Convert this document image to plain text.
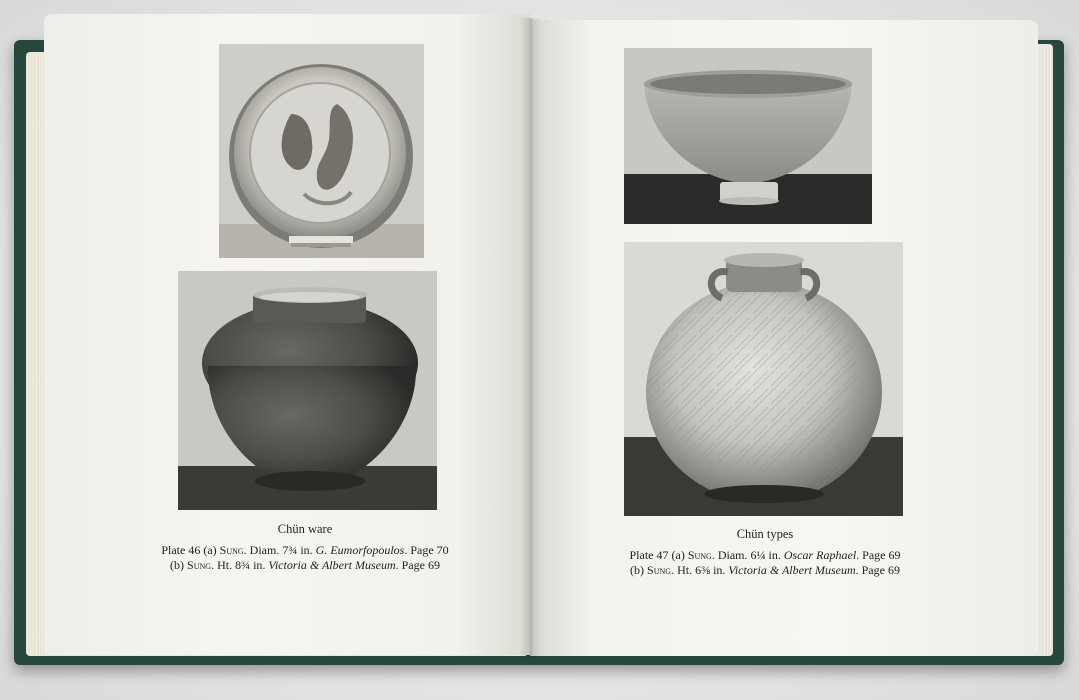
Chün ware
Plate 46 (a) Sung. Diam. 7¾ in. G. Eumorfopoulos. Page 70
(b) Sung. Ht. 8¾ in. Victoria & Albert Museum. Page 69
Chün types
Plate 47 (a) Sung. Diam. 6¼ in. Oscar Raphael. Page 69
(b) Sung. Ht. 6⅜ in. Victoria & Albert Museum. Page 69
